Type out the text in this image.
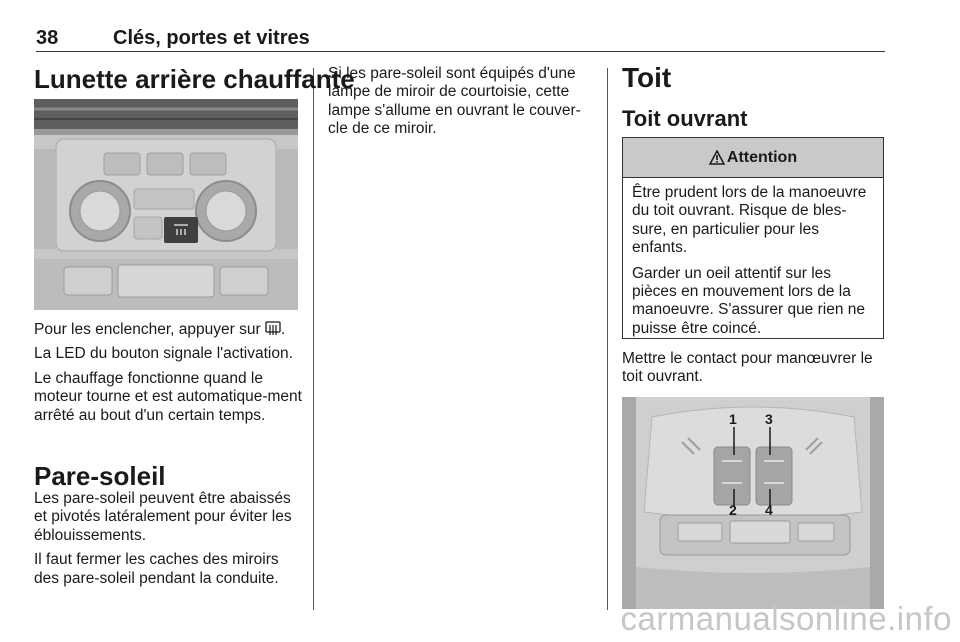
38	Clés, portes et vitres
Lunette arrière chauffante

Pour les enclencher, appuyer sur
.

La LED du bouton signale l'activation.

Le chauffage fonctionne quand le moteur tourne et est automatique-ment arrêté au bout d'un certain temps.

Pare-soleil

Les pare-soleil peuvent être abaissés et pivotés latéralement pour éviter les éblouissements.

Il faut fermer les caches des miroirs des pare-soleil pendant la conduite.

Si les pare-soleil sont équipés d'une lampe de miroir de courtoisie, cette lampe s'allume en ouvrant le couver-cle de ce miroir.

Toit
Toit ouvrant
Attention

Être prudent lors de la manoeuvre du toit ouvrant. Risque de bles-sure, en particulier pour les enfants.

Garder un oeil attentif sur les pièces en mouvement lors de la manoeuvre. S'assurer que rien ne puisse être coincé.

Mettre le contact pour manœuvrer le toit ouvrant.

1 3
2 4
carmanualsonline.info
